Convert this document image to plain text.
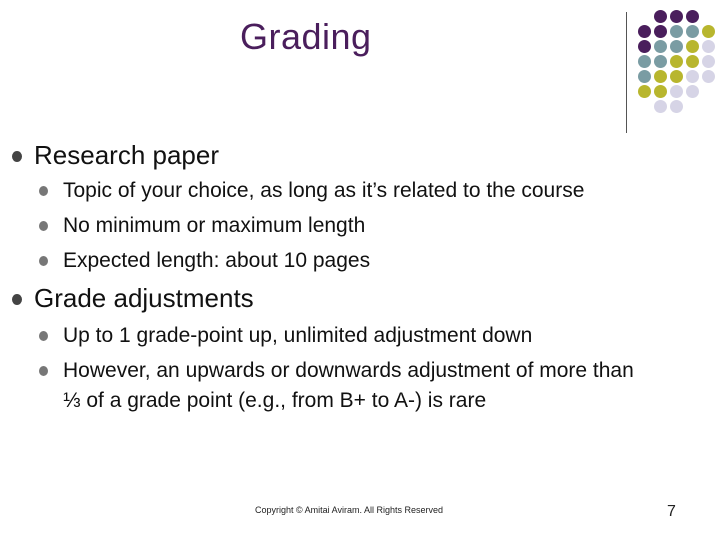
Grading
Research paper
Topic of your choice, as long as it’s related to the course
No minimum or maximum length
Expected length: about 10 pages
Grade adjustments
Up to 1 grade-point up, unlimited adjustment down
However, an upwards or downwards adjustment of more than
⅓ of a grade point (e.g., from B+ to A-) is rare
Copyright © Amitai Aviram. All Rights Reserved	7
